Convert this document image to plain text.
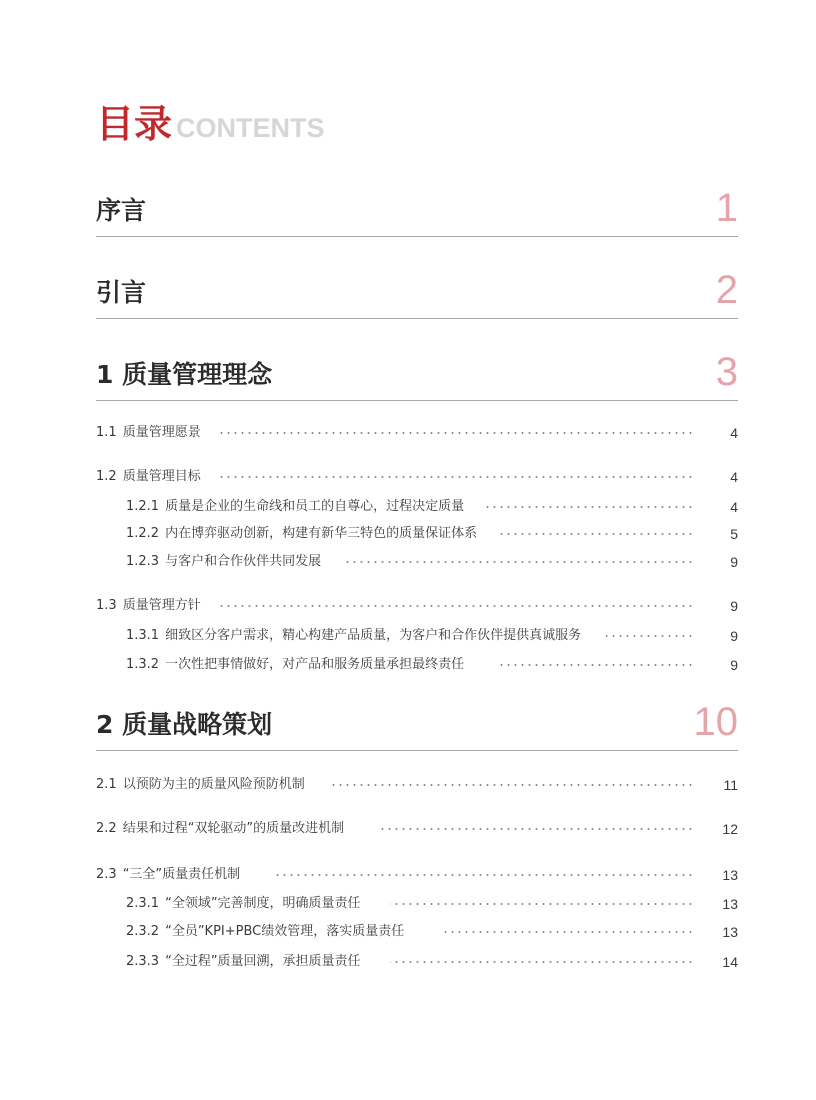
目录 CONTENTS
序言	1
引言	2
1 质量管理理念	3
1.1 质量管理愿景	4
1.2 质量管理目标	4
1.2.1 质量是企业的生命线和员工的自尊心，过程决定质量	4
1.2.2 内在博弈驱动创新，构建有新华三特色的质量保证体系	5
1.2.3 与客户和合作伙伴共同发展	9
1.3 质量管理方针	9
1.3.1 细致区分客户需求，精心构建产品质量，为客户和合作伙伴提供真诚服务	9
1.3.2 一次性把事情做好，对产品和服务质量承担最终责任	9
2 质量战略策划	10
2.1 以预防为主的质量风险预防机制	11
2.2 结果和过程“双轮驱动”的质量改进机制	12
2.3 “三全”质量责任机制	13
2.3.1 “全领域”完善制度，明确质量责任	13
2.3.2 “全员”KPI+PBC绩效管理，落实质量责任	13
2.3.3 “全过程”质量回溯，承担质量责任	14
